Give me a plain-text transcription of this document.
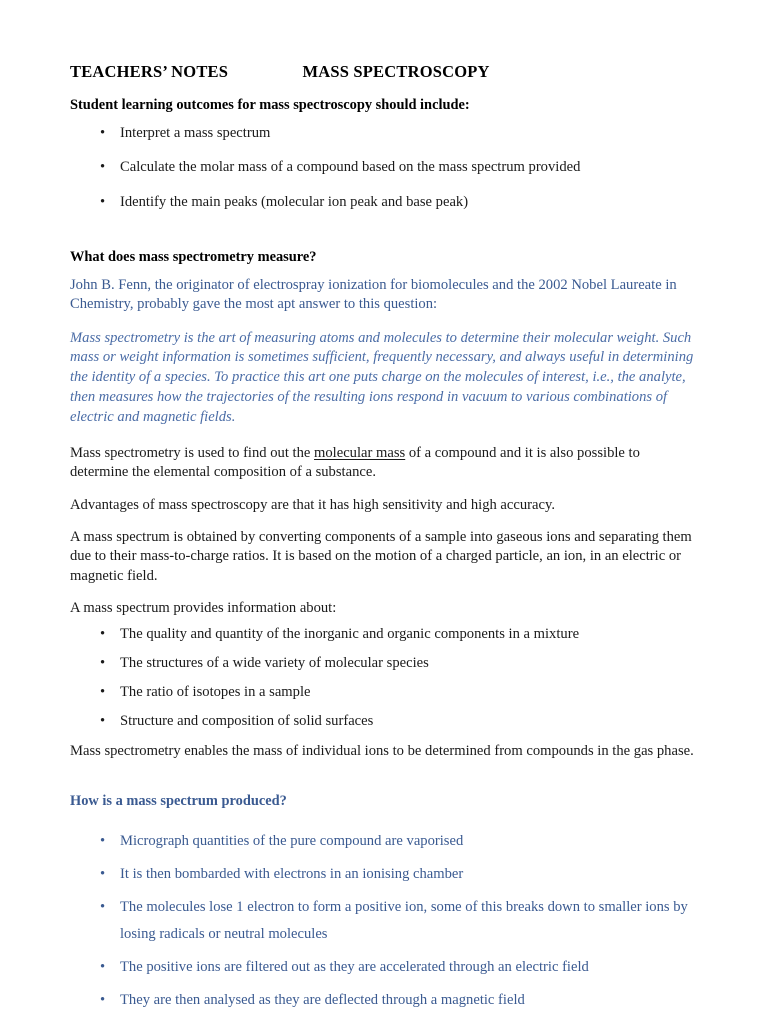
TEACHERS’ NOTES	MASS SPECTROSCOPY
Student learning outcomes for mass spectroscopy should include:
• Interpret a mass spectrum
• Calculate the molar mass of a compound based on the mass spectrum provided
• Identify the main peaks (molecular ion peak and base peak)
What does mass spectrometry measure?

John B. Fenn, the originator of electrospray ionization for biomolecules and the 2002 Nobel Laureate in Chemistry, probably gave the most apt answer to this question:

Mass spectrometry is the art of measuring atoms and molecules to determine their molecular weight. Such mass or weight information is sometimes sufficient, frequently necessary, and always useful in determining the identity of a species. To practice this art one puts charge on the molecules of interest, i.e., the analyte, then measures how the trajectories of the resulting ions respond in vacuum to various combinations of electric and magnetic fields.

Mass spectrometry is used to find out the molecular mass of a compound and it is also possible to determine the elemental composition of a substance.

Advantages of mass spectroscopy are that it has high sensitivity and high accuracy.

A mass spectrum is obtained by converting components of a sample into gaseous ions and separating them due to their mass-to-charge ratios. It is based on the motion of a charged particle, an ion, in an electric or magnetic field.

A mass spectrum provides information about:

• The quality and quantity of the inorganic and organic components in a mixture
• The structures of a wide variety of molecular species
• The ratio of isotopes in a sample
• Structure and composition of solid surfaces

Mass spectrometry enables the mass of individual ions to be determined from compounds in the gas phase.

How is a mass spectrum produced?
• Micrograph quantities of the pure compound are vaporised
• It is then bombarded with electrons in an ionising chamber
• The molecules lose 1 electron to form a positive ion, some of this breaks down to smaller ions by losing radicals or neutral molecules
• The positive ions are filtered out as they are accelerated through an electric field
• They are then analysed as they are deflected through a magnetic field
